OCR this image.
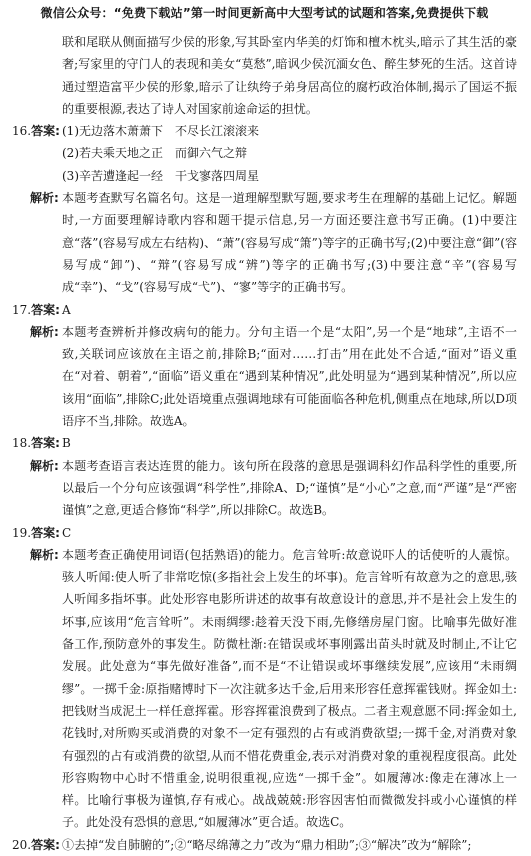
微信公众号：“免费下载站”第一时间更新高中大型考试的试题和答案,免费提供下载

联和尾联从侧面描写少侯的形象,写其卧室内华美的灯饰和檀木枕头,暗示了其生活的豪奢;写家里的守门人的表现和美女“莫愁”,暗讽少侯沉湎女色、醉生梦死的生活。这首诗通过塑造富平少侯的形象,暗示了让纨绔子弟身居高位的腐朽政治体制,揭示了国运不振的重要根源,表达了诗人对国家前途命运的担忧。

16.答案: (1)无边落木萧萧下　不尽长江滚滚来
(2)若夫乘天地之正　而御六气之辩
(3)辛苦遭逢起一经　干戈寥落四周星
解析: 本题考查默写名篇名句。这是一道理解型默写题,要求考生在理解的基础上记忆。解题时,一方面要理解诗歌内容和题干提示信息,另一方面还要注意书写正确。(1)中要注意“落”(容易写成左右结构)、“萧”(容易写成“箫”)等字的正确书写;(2)中要注意“御”(容易写成“卸”)、“辩”(容易写成“辨”)等字的正确书写;(3)中要注意“辛”(容易写成“幸”)、“戈”(容易写成“弋”)、“寥”等字的正确书写。
17.答案: A
解析: 本题考查辨析并修改病句的能力。分句主语一个是“太阳”,另一个是“地球”,主语不一致,关联词应该放在主语之前,排除B;“面对……打击”用在此处不合适,“面对”语义重在“对着、朝着”,“面临”语义重在“遇到某种情况”,此处明显为“遇到某种情况”,所以应该用“面临”,排除C;此处语境重点强调地球有可能面临各种危机,侧重点在地球,所以D项语序不当,排除。故选A。
18.答案: B
解析: 本题考查语言表达连贯的能力。该句所在段落的意思是强调科幻作品科学性的重要,所以最后一个分句应该强调“科学性”,排除A、D;“谨慎”是“小心”之意,而“严谨”是“严密谨慎”之意,更适合修饰“科学”,所以排除C。故选B。
19.答案: C
解析: 本题考查正确使用词语(包括熟语)的能力。危言耸听:故意说吓人的话使听的人震惊。骇人听闻:使人听了非常吃惊(多指社会上发生的坏事)。危言耸听有故意为之的意思,骇人听闻多指坏事。此处形容电影所讲述的故事有故意设计的意思,并不是社会上发生的坏事,应该用“危言耸听”。未雨绸缪:趁着天没下雨,先修缮房屋门窗。比喻事先做好准备工作,预防意外的事发生。防微杜渐:在错误或坏事刚露出苗头时就及时制止,不让它发展。此处意为“事先做好准备”,而不是“不让错误或坏事继续发展”,应该用“未雨绸缪”。一掷千金:原指赌博时下一次注就多达千金,后用来形容任意挥霍钱财。挥金如土:把钱财当成泥土一样任意挥霍。形容挥霍浪费到了极点。二者主观意愿不同:挥金如土,花钱时,对所购买或消费的对象不一定有强烈的占有或消费欲望;一掷千金,对消费对象有强烈的占有或消费的欲望,从而不惜花费重金,表示对消费对象的重视程度很高。此处形容购物中心时不惜重金,说明很重视,应选“一掷千金”。如履薄冰:像走在薄冰上一样。比喻行事极为谨慎,存有戒心。战战兢兢:形容因害怕而微微发抖或小心谨慎的样子。此处没有恐惧的意思,“如履薄冰”更合适。故选C。
20.答案: ①去掉“发自肺腑的”;②“略尽绵薄之力”改为“鼎力相助”;③“解决”改为“解除”;
